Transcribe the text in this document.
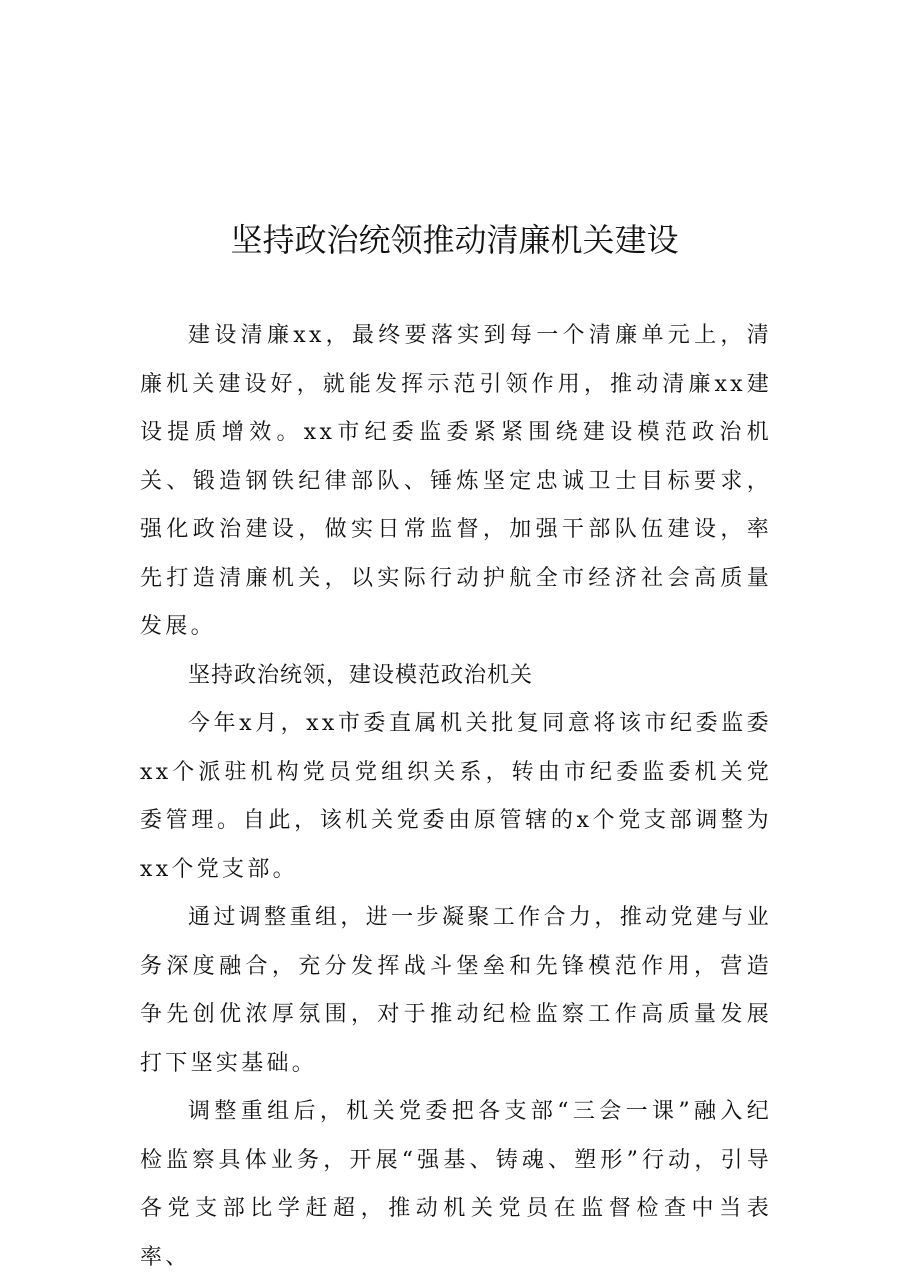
坚持政治统领推动清廉机关建设

建设清廉xx，最终要落实到每一个清廉单元上，清廉机关建设好，就能发挥示范引领作用，推动清廉xx建设提质增效。xx市纪委监委紧紧围绕建设模范政治机关、锻造钢铁纪律部队、锤炼坚定忠诚卫士目标要求，强化政治建设，做实日常监督，加强干部队伍建设，率先打造清廉机关，以实际行动护航全市经济社会高质量发展。

坚持政治统领，建设模范政治机关

今年x月，xx市委直属机关批复同意将该市纪委监委xx个派驻机构党员党组织关系，转由市纪委监委机关党委管理。自此，该机关党委由原管辖的x个党支部调整为xx个党支部。

通过调整重组，进一步凝聚工作合力，推动党建与业务深度融合，充分发挥战斗堡垒和先锋模范作用，营造争先创优浓厚氛围，对于推动纪检监察工作高质量发展打下坚实基础。

调整重组后，机关党委把各支部“三会一课”融入纪检监察具体业务，开展“强基、铸魂、塑形”行动，引导各党支部比学赶超，推动机关党员在监督检查中当表率、
